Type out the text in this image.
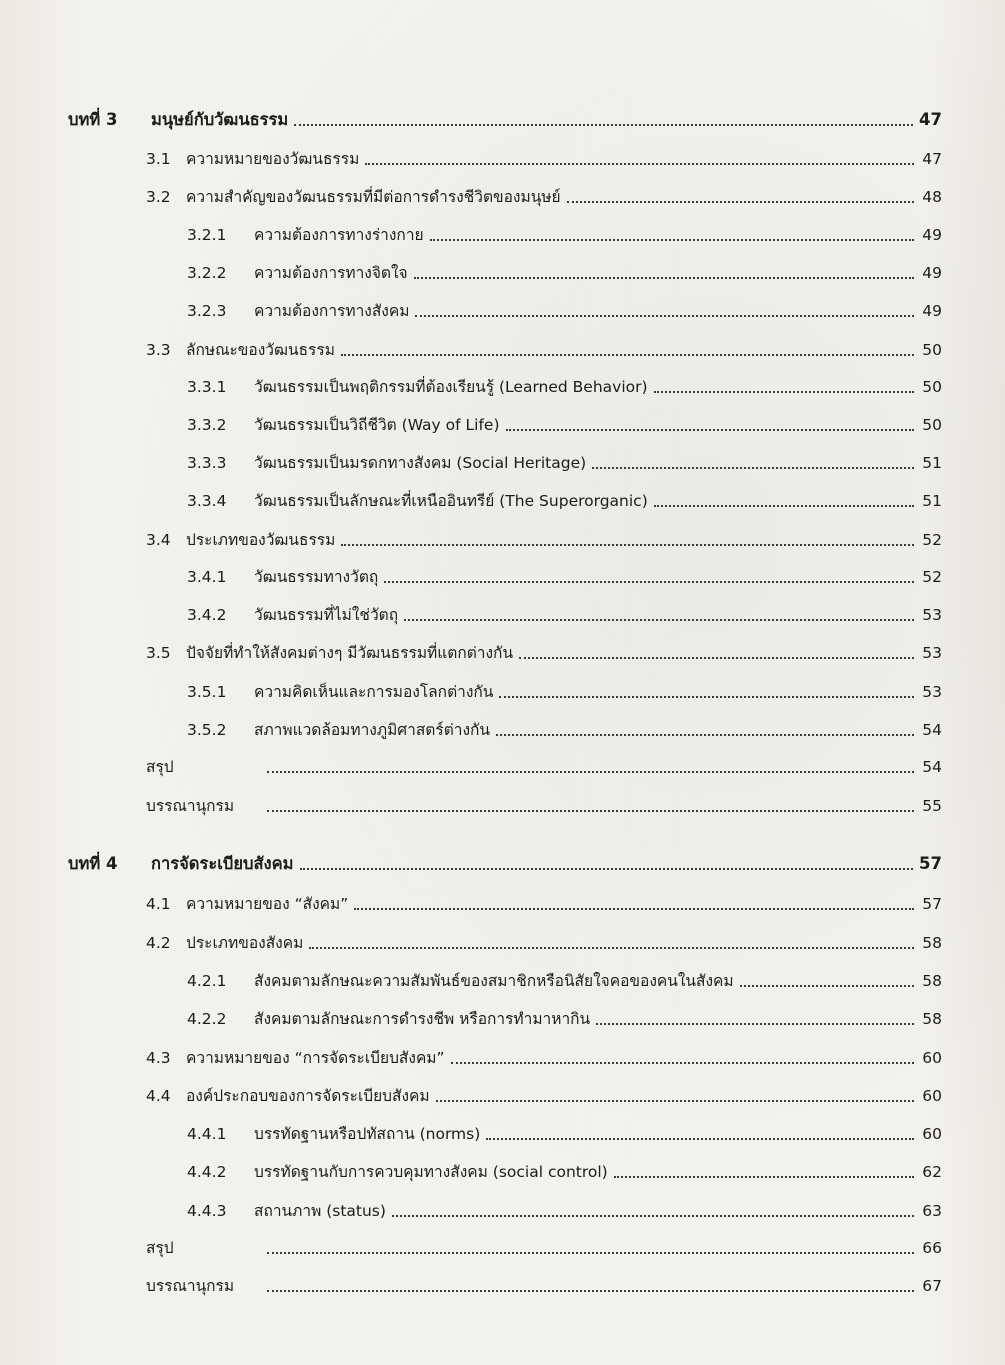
บทที่ 3	มนุษย์กับวัฒนธรรม	47
3.1 ความหมายของวัฒนธรรม	47
3.2 ความสำคัญของวัฒนธรรมที่มีต่อการดำรงชีวิตของมนุษย์	48
3.2.1	ความต้องการทางร่างกาย	49
3.2.2	ความต้องการทางจิตใจ	49
3.2.3	ความต้องการทางสังคม	49
3.3 ลักษณะของวัฒนธรรม	50
3.3.1	วัฒนธรรมเป็นพฤติกรรมที่ต้องเรียนรู้ (Learned Behavior)	50
3.3.2	วัฒนธรรมเป็นวิถีชีวิต (Way of Life)	50
3.3.3	วัฒนธรรมเป็นมรดกทางสังคม (Social Heritage)	51
3.3.4	วัฒนธรรมเป็นลักษณะที่เหนืออินทรีย์ (The Superorganic)	51
3.4 ประเภทของวัฒนธรรม	52
3.4.1	วัฒนธรรมทางวัตถุ	52
3.4.2	วัฒนธรรมที่ไม่ใช่วัตถุ	53
3.5 ปัจจัยที่ทำให้สังคมต่างๆ มีวัฒนธรรมที่แตกต่างกัน	53
3.5.1	ความคิดเห็นและการมองโลกต่างกัน	53
3.5.2	สภาพแวดล้อมทางภูมิศาสตร์ต่างกัน	54
สรุป	54
บรรณานุกรม	55
บทที่ 4	การจัดระเบียบสังคม	57
4.1 ความหมายของ “สังคม”	57
4.2 ประเภทของสังคม	58
4.2.1	สังคมตามลักษณะความสัมพันธ์ของสมาชิกหรือนิสัยใจคอของคนในสังคม	58
4.2.2	สังคมตามลักษณะการดำรงชีพ หรือการทำมาหากิน	58
4.3 ความหมายของ “การจัดระเบียบสังคม”	60
4.4 องค์ประกอบของการจัดระเบียบสังคม	60
4.4.1	บรรทัดฐานหรือปทัสถาน (norms)	60
4.4.2	บรรทัดฐานกับการควบคุมทางสังคม (social control)	62
4.4.3	สถานภาพ (status)	63
สรุป	66
บรรณานุกรม	67
